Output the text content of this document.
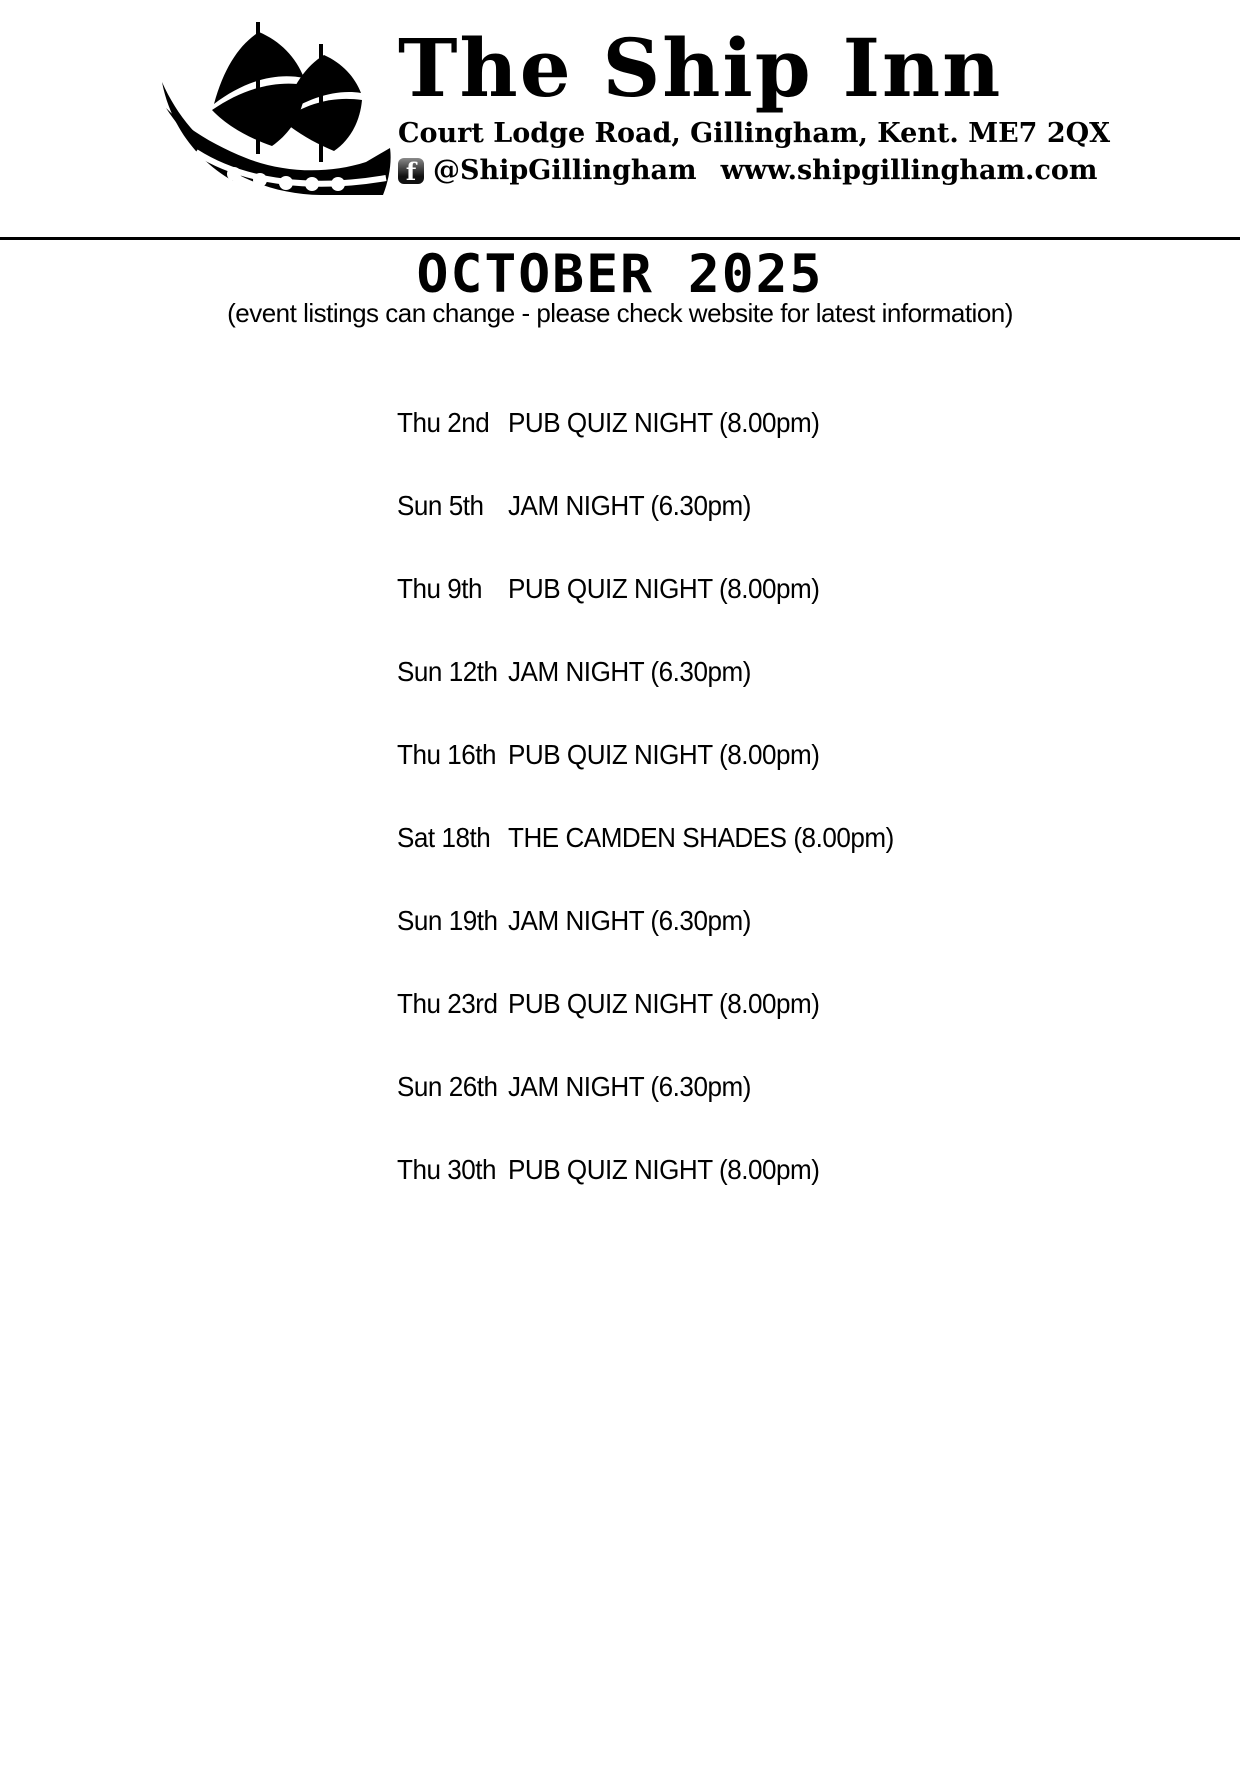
The Ship Inn
Court Lodge Road, Gillingham, Kent. ME7 2QX
f @ShipGillingham www.shipgillingham.com
OCTOBER 2025

(event listings can change - please check website for latest information)

Thu 2nd PUB QUIZ NIGHT (8.00pm)
Sun 5th JAM NIGHT (6.30pm)
Thu 9th PUB QUIZ NIGHT (8.00pm)
Sun 12th JAM NIGHT (6.30pm)
Thu 16th PUB QUIZ NIGHT (8.00pm)
Sat 18th THE CAMDEN SHADES (8.00pm)
Sun 19th JAM NIGHT (6.30pm)
Thu 23rd PUB QUIZ NIGHT (8.00pm)
Sun 26th JAM NIGHT (6.30pm)
Thu 30th PUB QUIZ NIGHT (8.00pm)
